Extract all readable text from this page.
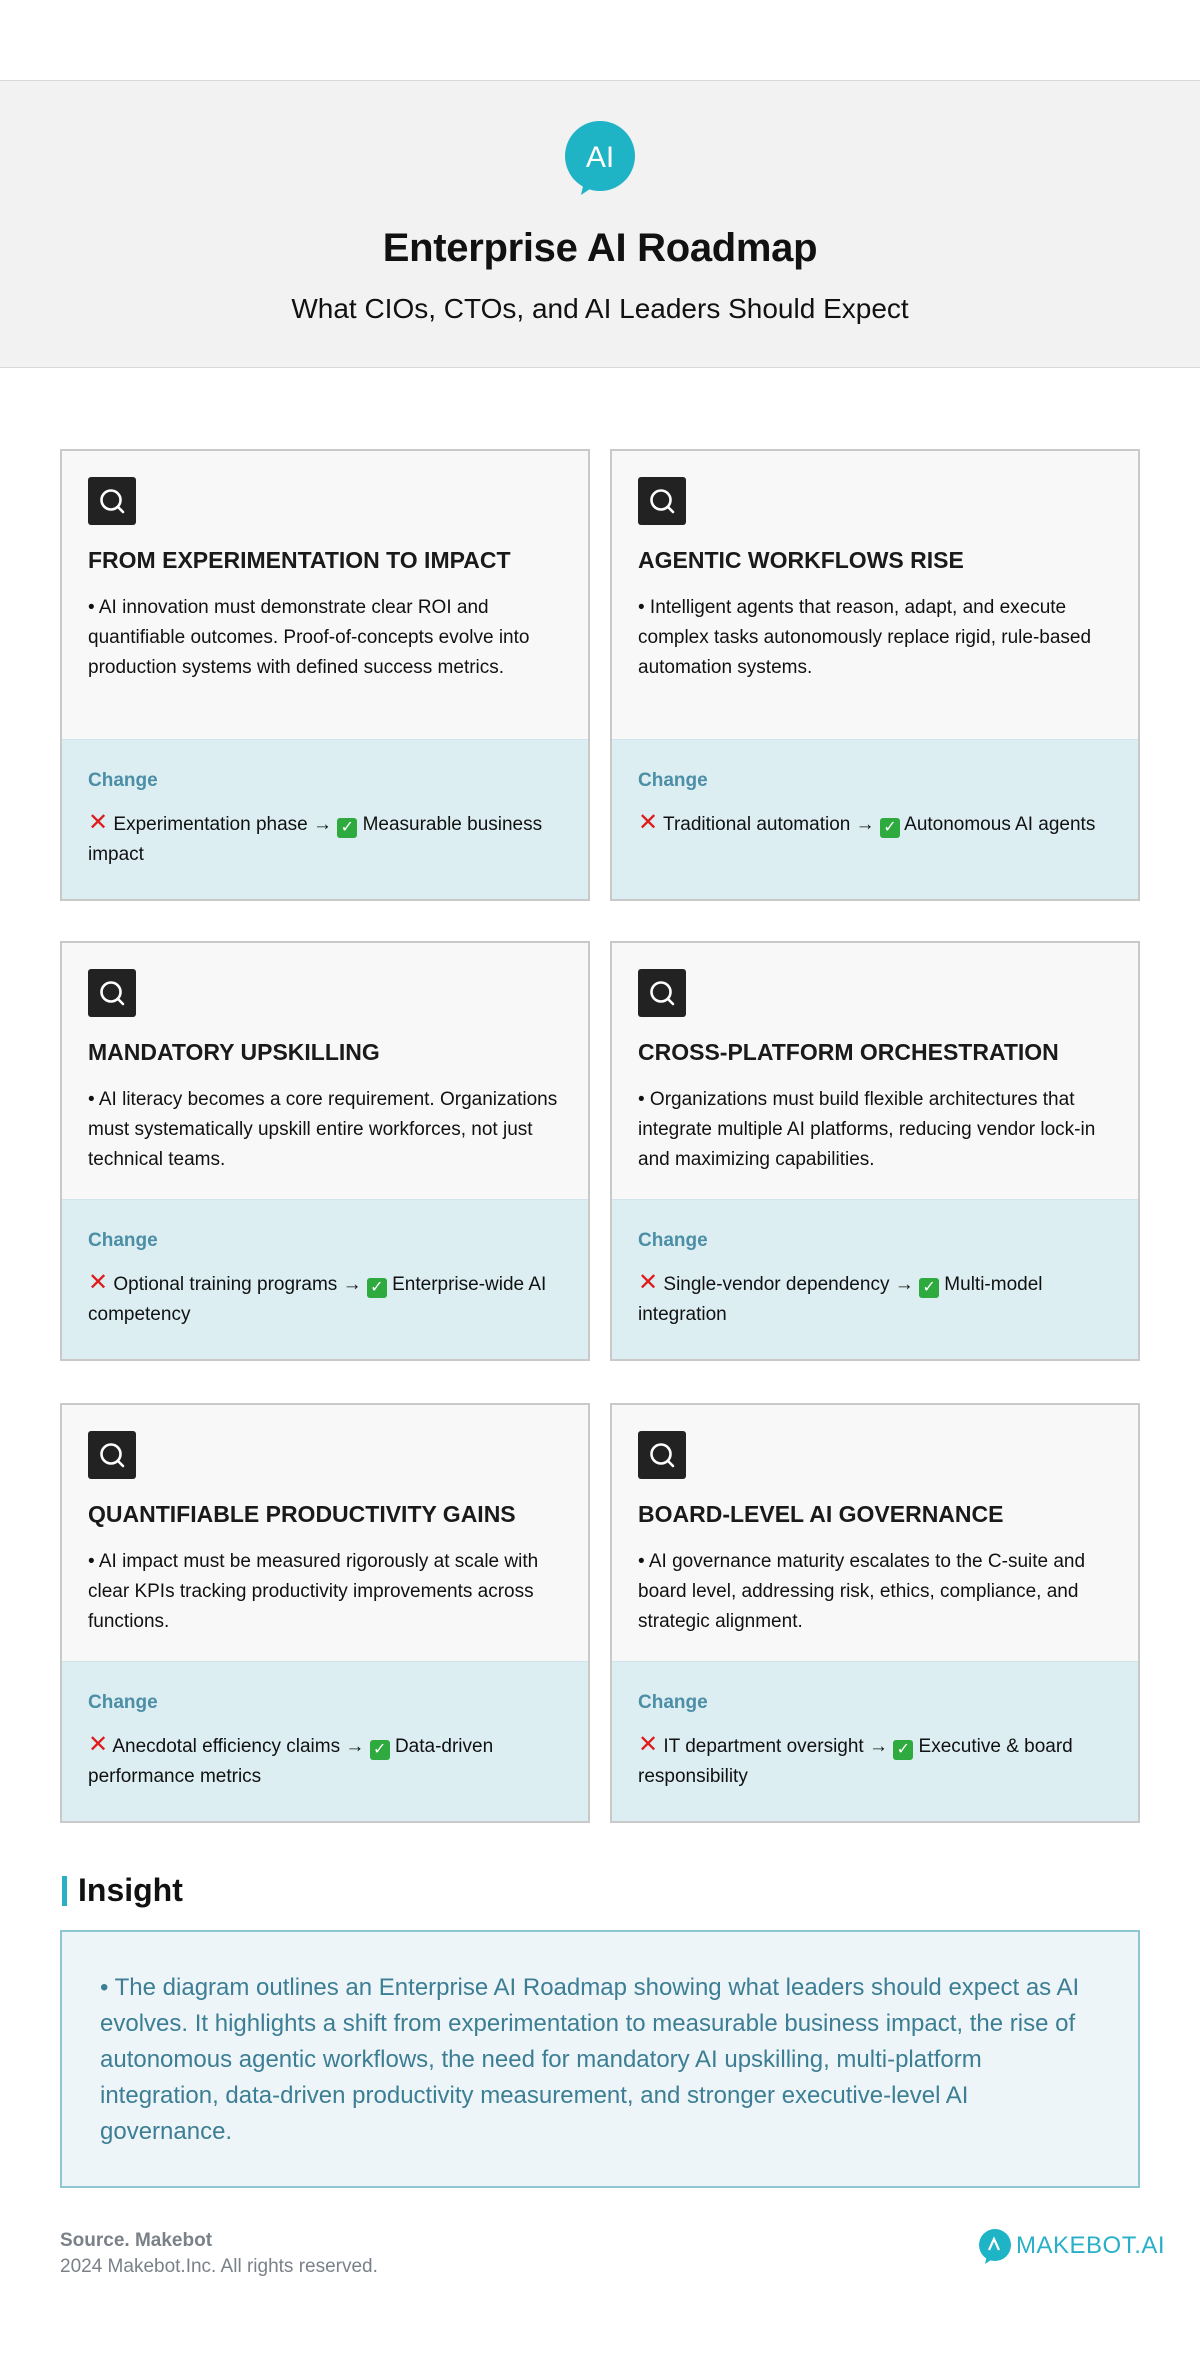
AI
Enterprise AI Roadmap
What CIOs, CTOs, and AI Leaders Should Expect
FROM EXPERIMENTATION TO IMPACT
• AI innovation must demonstrate clear ROI and quantifiable outcomes. Proof-of-concepts evolve into production systems with defined success metrics.
Change
✕ Experimentation phase → ✓ Measurable business impact
AGENTIC WORKFLOWS RISE
• Intelligent agents that reason, adapt, and execute complex tasks autonomously replace rigid, rule-based automation systems.
Change
✕ Traditional automation → ✓ Autonomous AI agents
MANDATORY UPSKILLING
• AI literacy becomes a core requirement. Organizations must systematically upskill entire workforces, not just technical teams.
Change
✕ Optional training programs → ✓ Enterprise-wide AI competency
CROSS-PLATFORM ORCHESTRATION
• Organizations must build flexible architectures that integrate multiple AI platforms, reducing vendor lock-in and maximizing capabilities.
Change
✕ Single-vendor dependency → ✓ Multi-model integration
QUANTIFIABLE PRODUCTIVITY GAINS
• AI impact must be measured rigorously at scale with clear KPIs tracking productivity improvements across functions.
Change
✕ Anecdotal efficiency claims → ✓ Data-driven performance metrics
BOARD-LEVEL AI GOVERNANCE
• AI governance maturity escalates to the C-suite and board level, addressing risk, ethics, compliance, and strategic alignment.
Change
✕ IT department oversight → ✓ Executive & board responsibility
Insight
• The diagram outlines an Enterprise AI Roadmap showing what leaders should expect as AI evolves. It highlights a shift from experimentation to measurable business impact, the rise of autonomous agentic workflows, the need for mandatory AI upskilling, multi-platform integration, data-driven productivity measurement, and stronger executive-level AI governance.
Source. Makebot
2024 Makebot.Inc. All rights reserved.
MAKEBOT.AI
